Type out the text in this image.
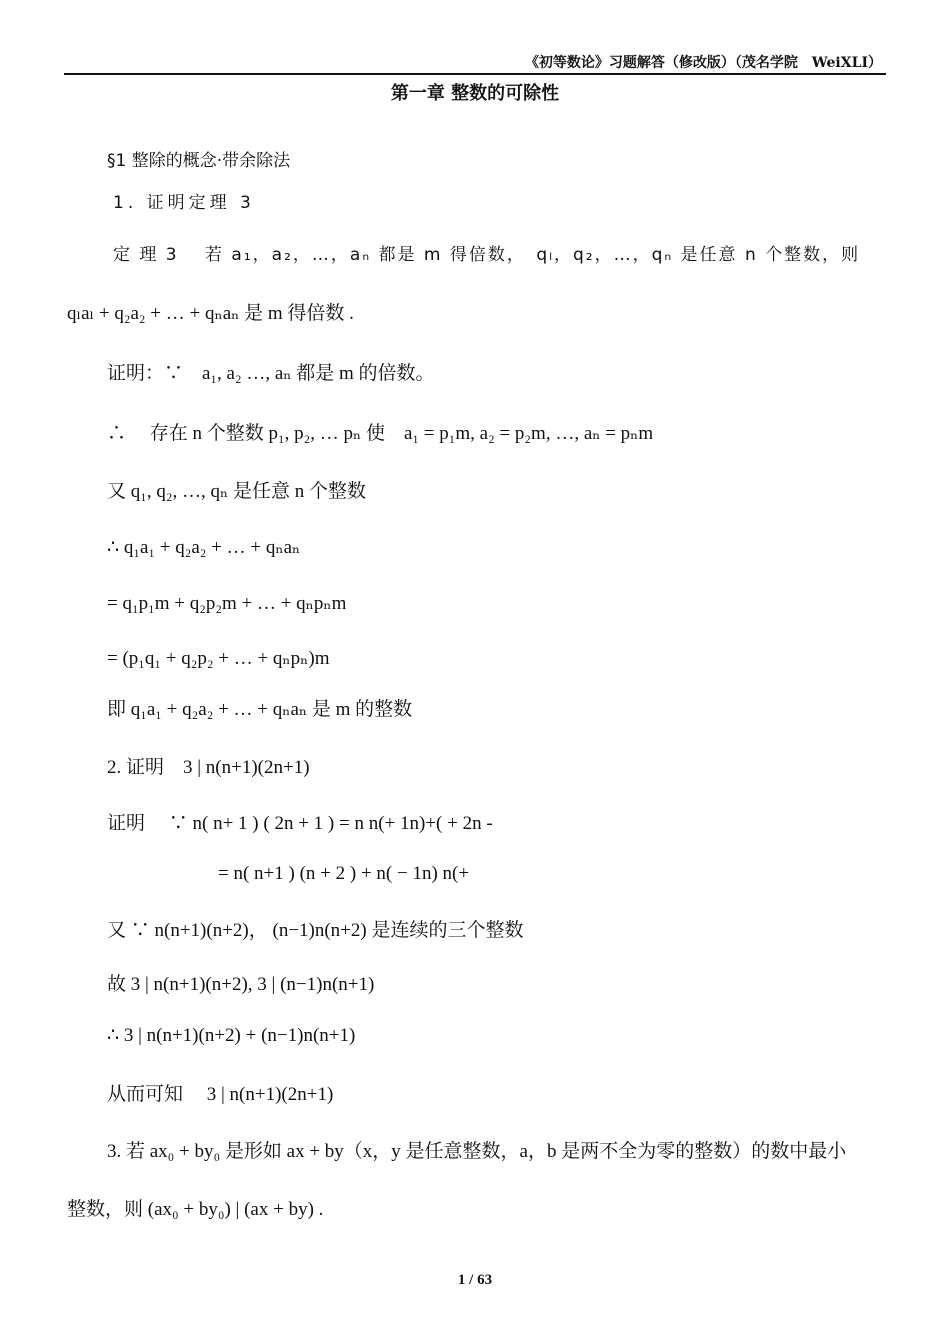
《初等数论》习题解答（修改版）（茂名学院　WeiXLI）
第一章 整数的可除性
§1 整除的概念·带余除法
1. 证明定理 3
定 理 3　 若 a₁，a₂，…，aₙ 都是 m 得倍数，　qₗ，q₂，…，qₙ 是任意 n 个整数，则
qₗaₗ + q₂a₂ + … + qₙaₙ 是 m 得倍数 .
证明：∵　a₁, a₂ …, aₙ 都是 m 的倍数。
∴　 存在 n 个整数 p₁, p₂, … pₙ 使　a₁ = p₁m, a₂ = p₂m, …, aₙ = pₙm
又 q₁, q₂, …, qₙ 是任意 n 个整数
∴ q₁a₁ + q₂a₂ + … + qₙaₙ
= q₁p₁m + q₂p₂m + … + qₙpₙm
= (p₁q₁ + q₂p₂ + … + qₙpₙ)m
即 q₁a₁ + q₂a₂ + … + qₙaₙ 是 m 的整数
2. 证明　3 | n(n+1)(2n+1)
证明　 ∵ n( n+ 1 ) ( 2n + 1 ) = n n(+ 1n)+( + 2n -
= n( n+1 ) (n + 2 ) + n( − 1n) n(+
又 ∵ n(n+1)(n+2)， (n−1)n(n+2) 是连续的三个整数
故 3 | n(n+1)(n+2), 3 | (n−1)n(n+1)
∴ 3 | n(n+1)(n+2) + (n−1)n(n+1)
从而可知　 3 | n(n+1)(2n+1)
3. 若 ax₀ + by₀ 是形如 ax + by（x，y 是任意整数，a，b 是两不全为零的整数）的数中最小
整数，则 (ax₀ + by₀) | (ax + by) .
1 / 63
